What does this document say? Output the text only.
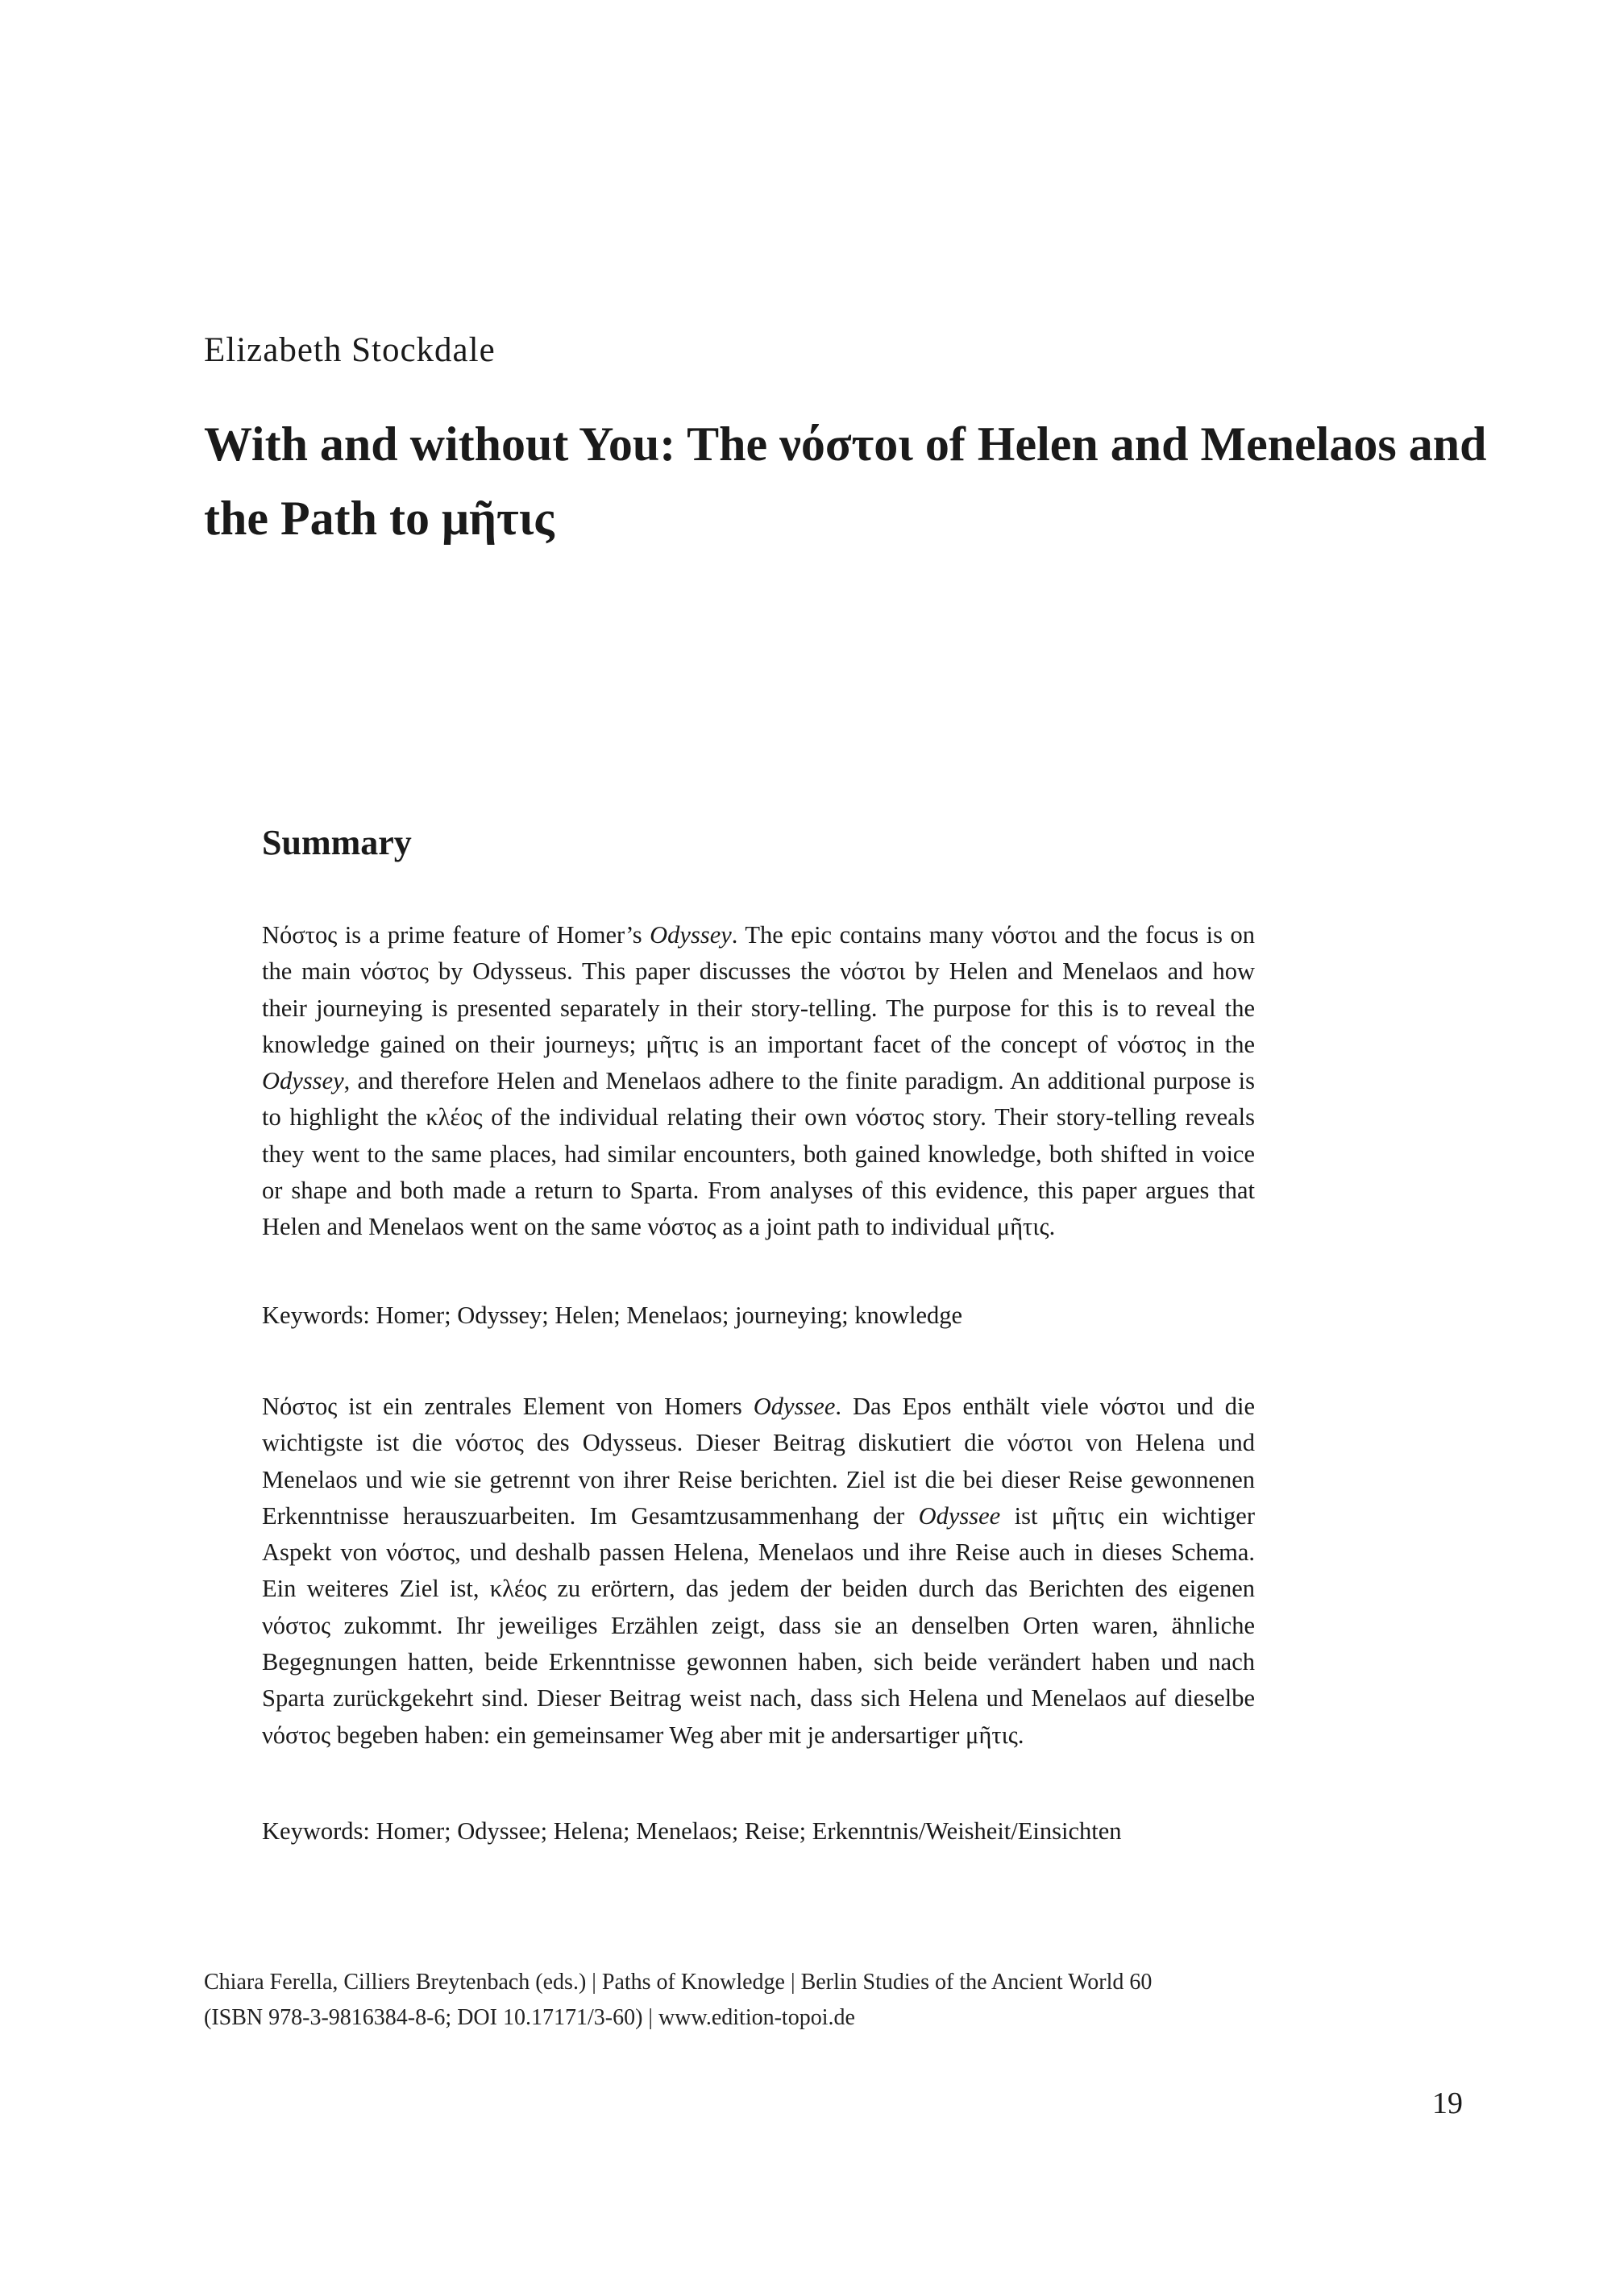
Elizabeth Stockdale
With and without You: The νόστοι of Helen and Menelaos and the Path to μῆτις
Summary

Νόστος is a prime feature of Homer’s Odyssey. The epic contains many νόστοι and the focus is on the main νόστος by Odysseus. This paper discusses the νόστοι by Helen and Menelaos and how their journeying is presented separately in their story-telling. The purpose for this is to reveal the knowledge gained on their journeys; μῆτις is an important facet of the concept of νόστος in the Odyssey, and therefore Helen and Menelaos adhere to the finite paradigm. An additional purpose is to highlight the κλέος of the individual relating their own νόστος story. Their story-telling reveals they went to the same places, had similar encounters, both gained knowledge, both shifted in voice or shape and both made a return to Sparta. From analyses of this evidence, this paper argues that Helen and Menelaos went on the same νόστος as a joint path to individual μῆτις.

Keywords: Homer; Odyssey; Helen; Menelaos; journeying; knowledge

Νόστος ist ein zentrales Element von Homers Odyssee. Das Epos enthält viele νόστοι und die wichtigste ist die νόστος des Odysseus. Dieser Beitrag diskutiert die νόστοι von Helena und Menelaos und wie sie getrennt von ihrer Reise berichten. Ziel ist die bei dieser Reise gewonnenen Erkenntnisse herauszuarbeiten. Im Gesamtzusammenhang der Odyssee ist μῆτις ein wichtiger Aspekt von νόστος, und deshalb passen Helena, Menelaos und ihre Reise auch in dieses Schema. Ein weiteres Ziel ist, κλέος zu erörtern, das jedem der beiden durch das Berichten des eigenen νόστος zukommt. Ihr jeweiliges Erzählen zeigt, dass sie an denselben Orten waren, ähnliche Begegnungen hatten, beide Erkenntnisse gewonnen haben, sich beide verändert haben und nach Sparta zurückgekehrt sind. Dieser Beitrag weist nach, dass sich Helena und Menelaos auf dieselbe νόστος begeben haben: ein gemeinsamer Weg aber mit je andersartiger μῆτις.

Keywords: Homer; Odyssee; Helena; Menelaos; Reise; Erkenntnis/Weisheit/Einsichten

Chiara Ferella, Cilliers Breytenbach (eds.) | Paths of Knowledge | Berlin Studies of the Ancient World 60
(ISBN 978-3-9816384-8-6; DOI 10.17171/3-60) | www.edition-topoi.de

19
